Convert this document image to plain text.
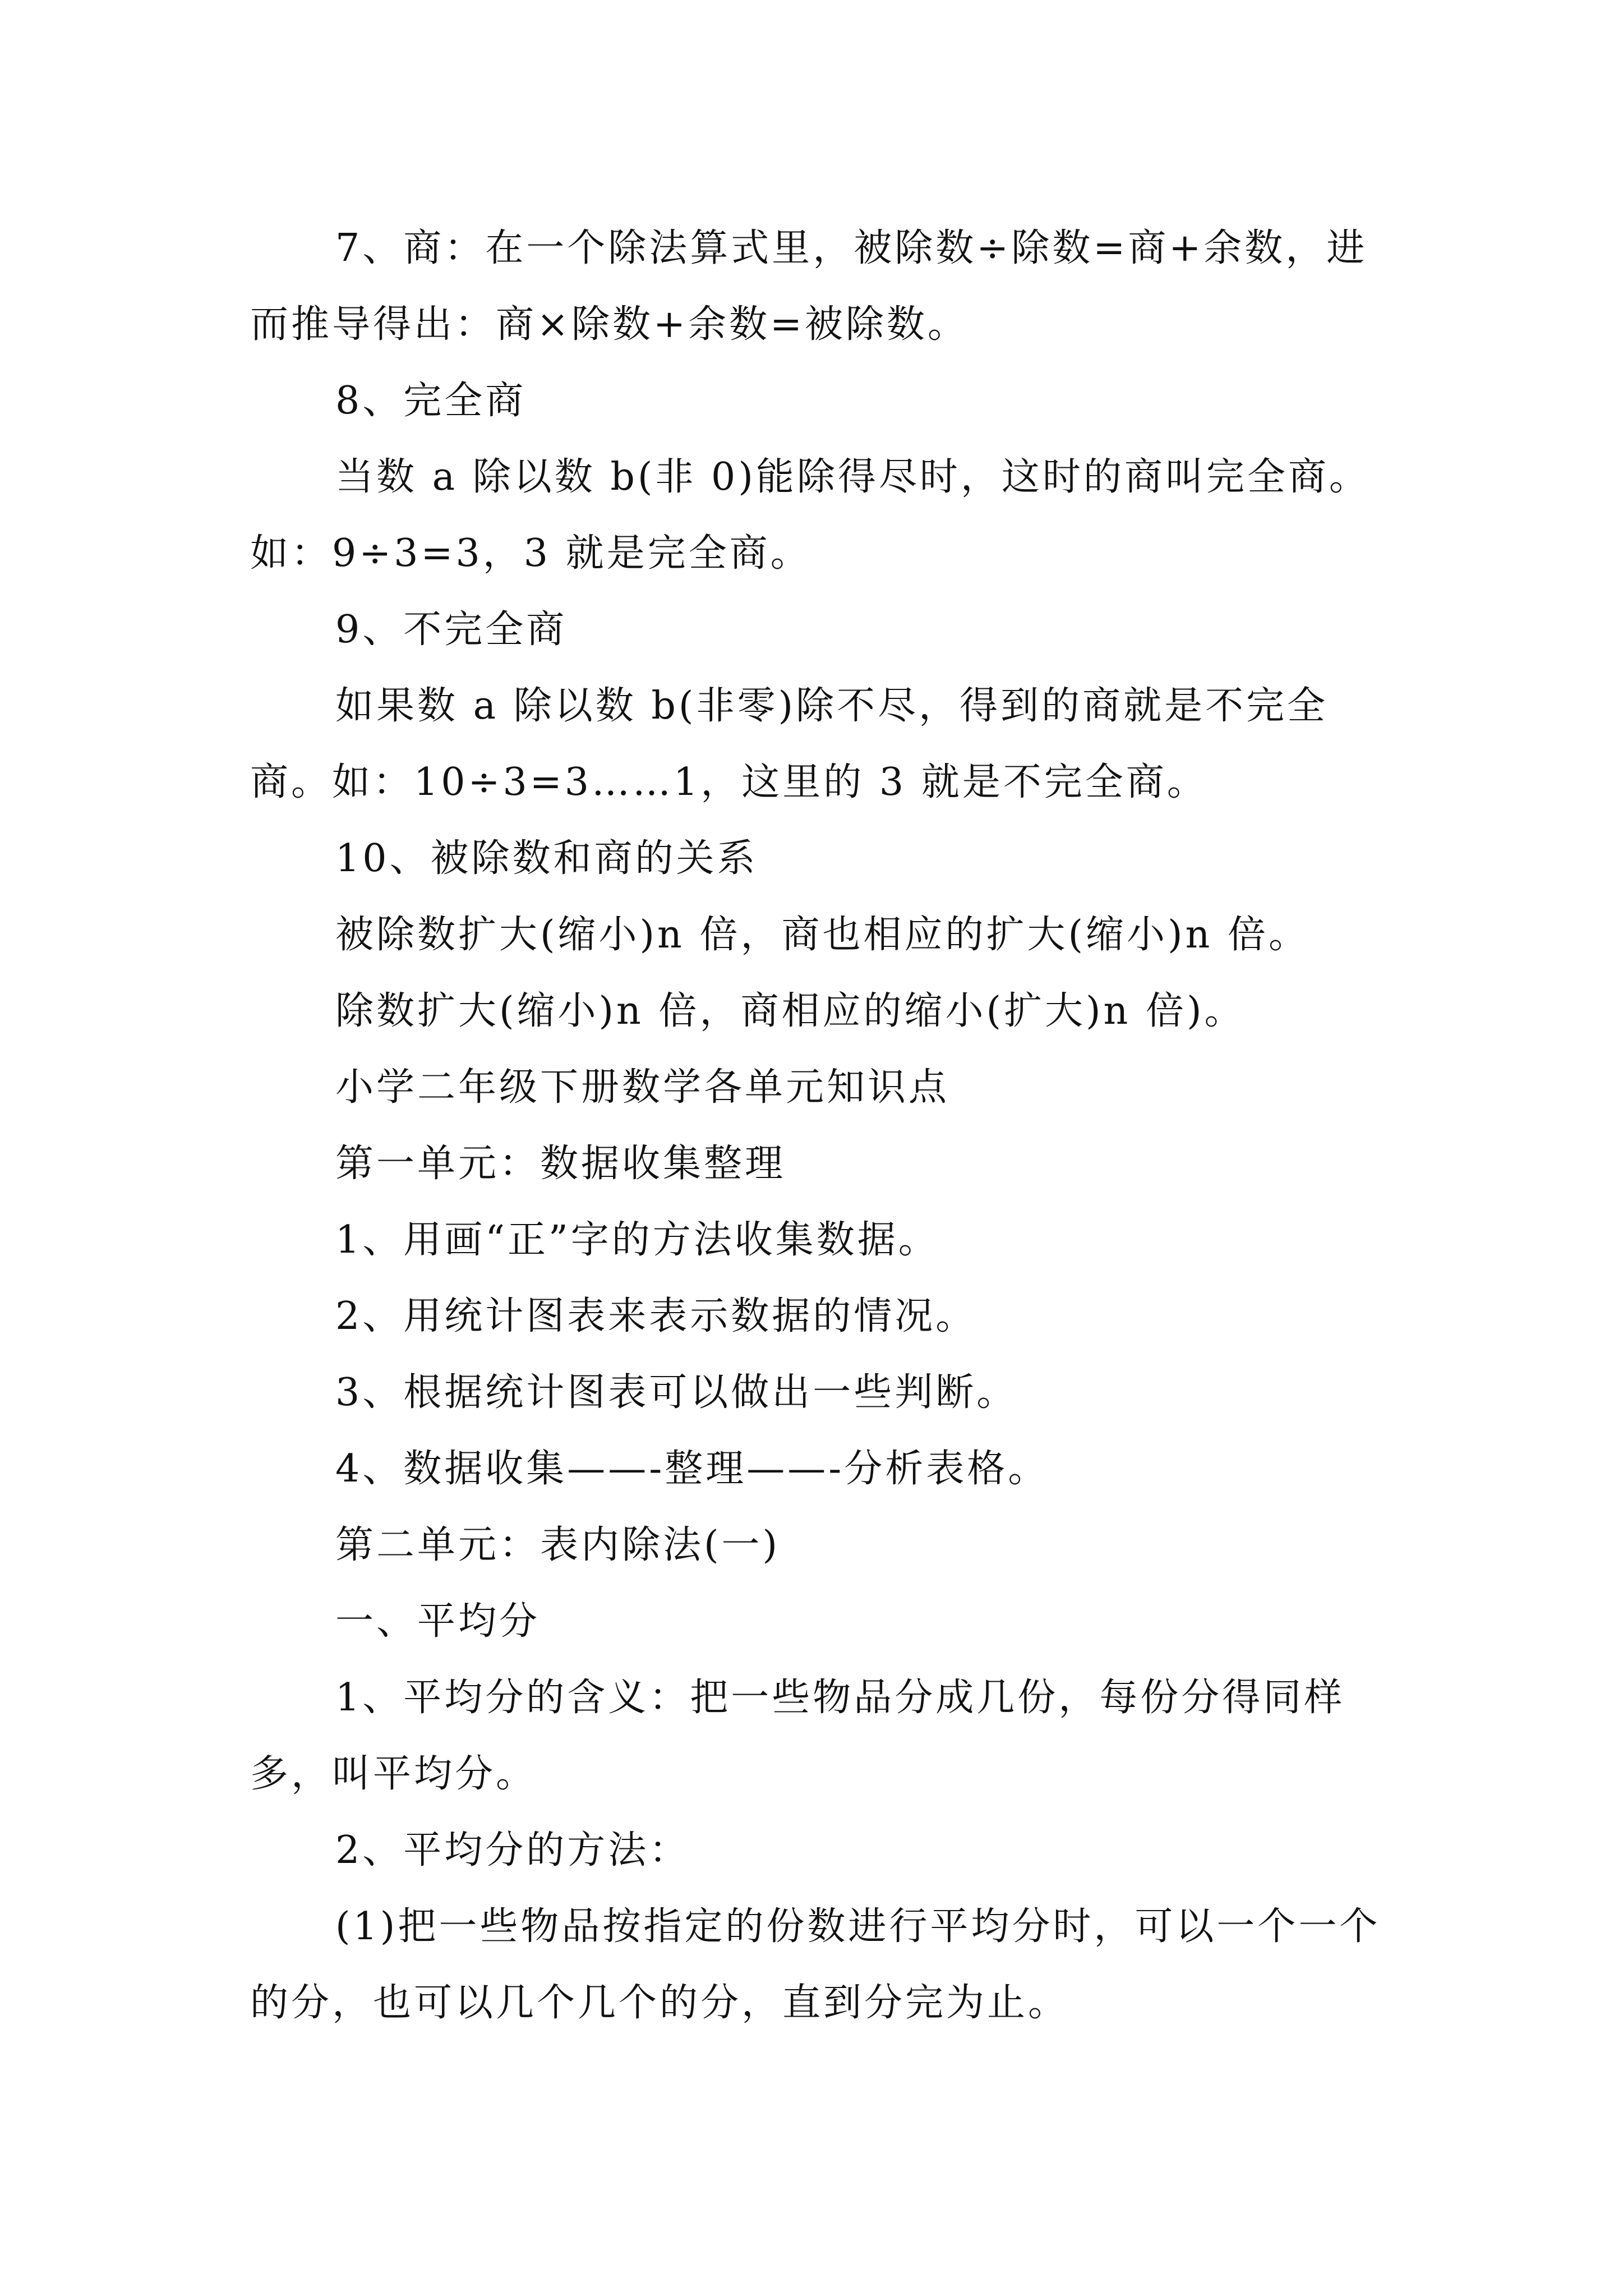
7、商：在一个除法算式里，被除数÷除数=商+余数，进而推导得出：商×除数+余数=被除数。

8、完全商

当数 a 除以数 b(非 0)能除得尽时，这时的商叫完全商。如：9÷3=3，3 就是完全商。

9、不完全商

如果数 a 除以数 b(非零)除不尽，得到的商就是不完全商。如：10÷3=3……1，这里的 3 就是不完全商。

10、被除数和商的关系

被除数扩大(缩小)n 倍，商也相应的扩大(缩小)n 倍。

除数扩大(缩小)n 倍，商相应的缩小(扩大)n 倍)。

小学二年级下册数学各单元知识点

第一单元：数据收集整理

1、用画“正”字的方法收集数据。

2、用统计图表来表示数据的情况。

3、根据统计图表可以做出一些判断。

4、数据收集——-整理——-分析表格。

第二单元：表内除法(一)

一、平均分

1、平均分的含义：把一些物品分成几份，每份分得同样多，叫平均分。

2、平均分的方法：

(1)把一些物品按指定的份数进行平均分时，可以一个一个的分，也可以几个几个的分，直到分完为止。
